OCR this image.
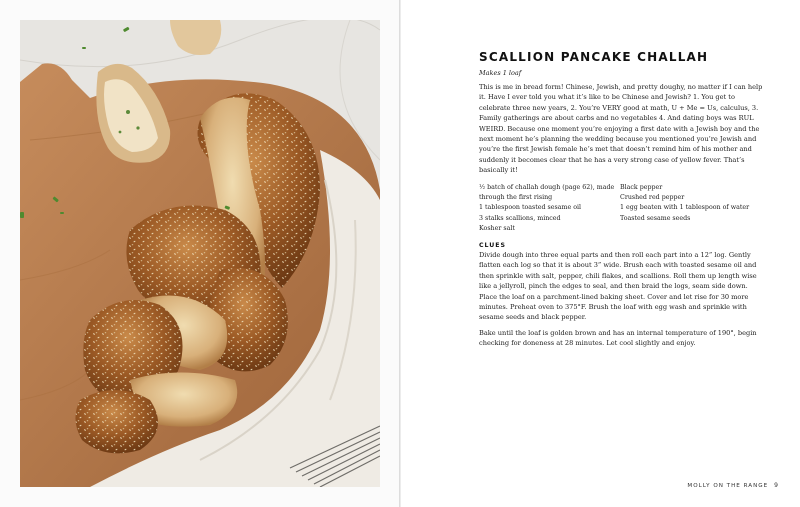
SCALLION PANCAKE CHALLAH
Makes 1 loaf

This is me in bread form! Chinese, Jewish, and pretty doughy, no matter if I can help it. Have I ever told you what it’s like to be Chinese and Jewish? 1. You get to celebrate three new years, 2. You’re VERY good at math, U + Me = Us, calculus, 3. Family gatherings are about carbs and no vegetables 4. And dating boys was RUL WEIRD. Because one moment you’re enjoying a first date with a Jewish boy and the next moment he’s planning the wedding because you mentioned you’re Jewish and you’re the first Jewish female he’s met that doesn’t remind him of his mother and suddenly it becomes clear that he has a very strong case of yellow fever. That’s basically it!

½ batch of challah dough (page 62), made through the first rising
1 tablespoon toasted sesame oil
3 stalks scallions, minced
Kosher salt
Black pepper
Crushed red pepper
1 egg beaten with 1 tablespoon of water
Toasted sesame seeds
CLUES

Divide dough into three equal parts and then roll each part into a 12” log. Gently flatten each log so that it is about 3” wide. Brush each with toasted sesame oil and then sprinkle with salt, pepper, chili flakes, and scallions. Roll them up length wise like a jellyroll, pinch the edges to seal, and then braid the logs, seam side down. Place the loaf on a parchment-lined baking sheet. Cover and let rise for 30 more minutes. Preheat oven to 375°F. Brush the loaf with egg wash and sprinkle with sesame seeds and black pepper.

Bake until the loaf is golden brown and has an internal temperature of 190°, begin checking for doneness at 28 minutes. Let cool slightly and enjoy.

MOLLY ON THE RANGE 9
